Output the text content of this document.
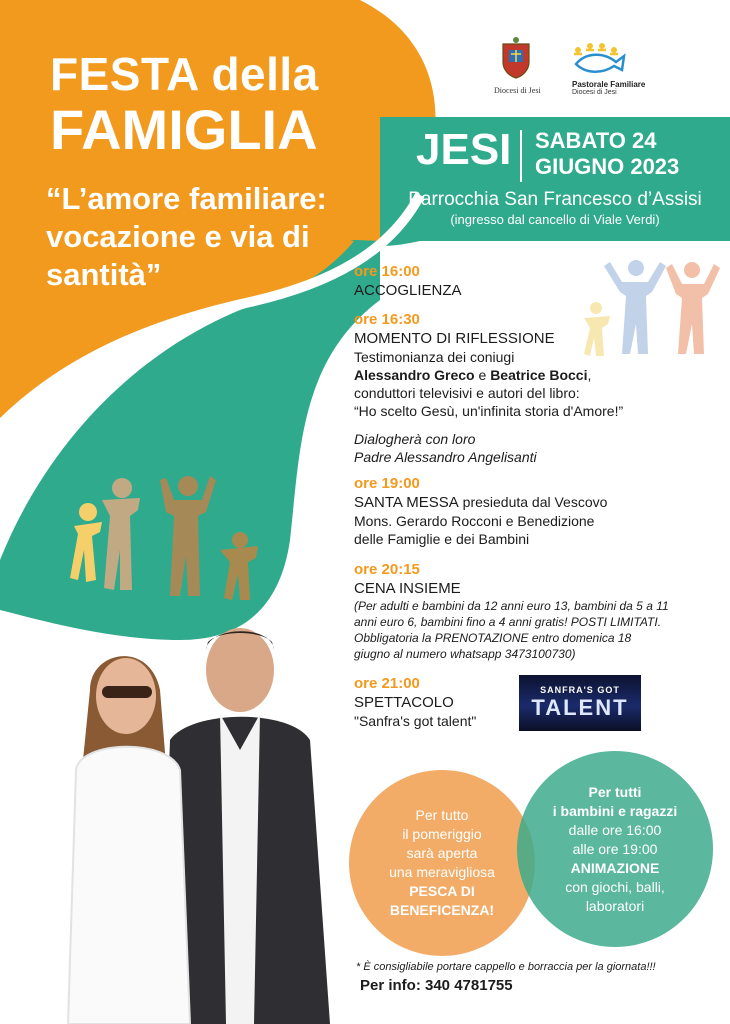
FESTA della
FAMIGLIA
“L’amore familiare: vocazione e via di santità”
Diocesi di Jesi
Pastorale Familiare
Diocesi di Jesi
JESI SABATO 24
GIUGNO 2023
Parrocchia San Francesco d’Assisi
(ingresso dal cancello di Viale Verdi)
ore 16:00
ACCOGLIENZA
ore 16:30
MOMENTO DI RIFLESSIONE
Testimonianza dei coniugi
Alessandro Greco e Beatrice Bocci,
conduttori televisivi e autori del libro:
“Ho scelto Gesù, un'infinita storia d'Amore!”
Dialogherà con loro
Padre Alessandro Angelisanti
ore 19:00
SANTA MESSA presieduta dal Vescovo
Mons. Gerardo Rocconi e Benedizione
delle Famiglie e dei Bambini
ore 20:15
CENA INSIEME
(Per adulti e bambini da 12 anni euro 13, bambini da 5 a 11
anni euro 6, bambini fino a 4 anni gratis! POSTI LIMITATI.
Obbligatoria la PRENOTAZIONE entro domenica 18
giugno al numero whatsapp 3473100730)
ore 21:00
SPETTACOLO
"Sanfra's got talent"
SANFRA'S GOT
TALENT
Per tutto
il pomeriggio
sarà aperta
una meravigliosa
PESCA DI
BENEFICENZA!
Per tutti
i bambini e ragazzi
dalle ore 16:00
alle ore 19:00
ANIMAZIONE
con giochi, balli,
laboratori
* È consigliabile portare cappello e borraccia per la giornata!!!
Per info: 340 4781755
